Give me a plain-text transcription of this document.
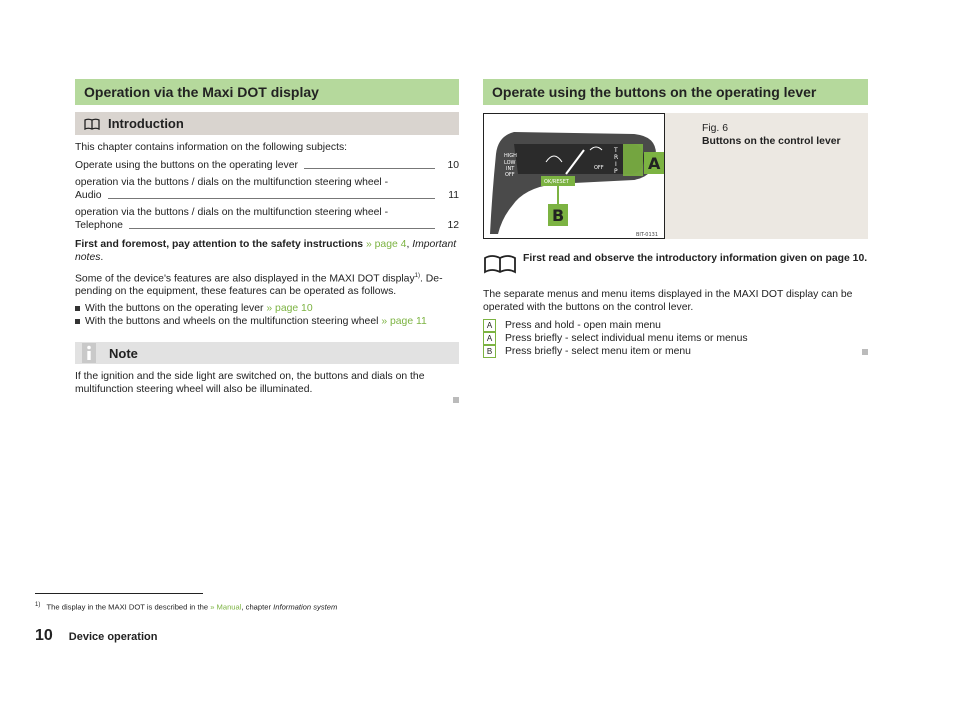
Operation via the Maxi DOT display
Introduction

This chapter contains information on the following subjects:

Operate using the buttons on the operating lever	10

operation via the buttons / dials on the multifunction steering wheel -

Audio	11

operation via the buttons / dials on the multifunction steering wheel -

Telephone	12

First and foremost, pay attention to the safety instructions » page 4, Important notes.

Some of the device's features are also displayed in the MAXI DOT display$^{1)}$. De-pending on the equipment, these features can be operated as follows.

With the buttons on the operating lever » page 10
With the buttons and wheels on the multifunction steering wheel » page 11
Note

If the ignition and the side light are switched on, the buttons and dials on the multifunction steering wheel will also be illuminated.

Operate using the buttons on the operating lever
HIGH
LOW
INT
OFF
OFF
OK/RESET
T
R
I
P A
B
BIT-0131
Fig. 6
Buttons on the control lever
First read and observe the introductory information given on page 10.

The separate menus and menu items displayed in the MAXI DOT display can be operated with the buttons on the control lever.

A	Press and hold - open main menu
A	Press briefly - select individual menu items or menus
B	Press briefly - select menu item or menu
$^{1)}$ The display in the MAXI DOT is described in the » Manual, chapter Information system
10 Device operation
